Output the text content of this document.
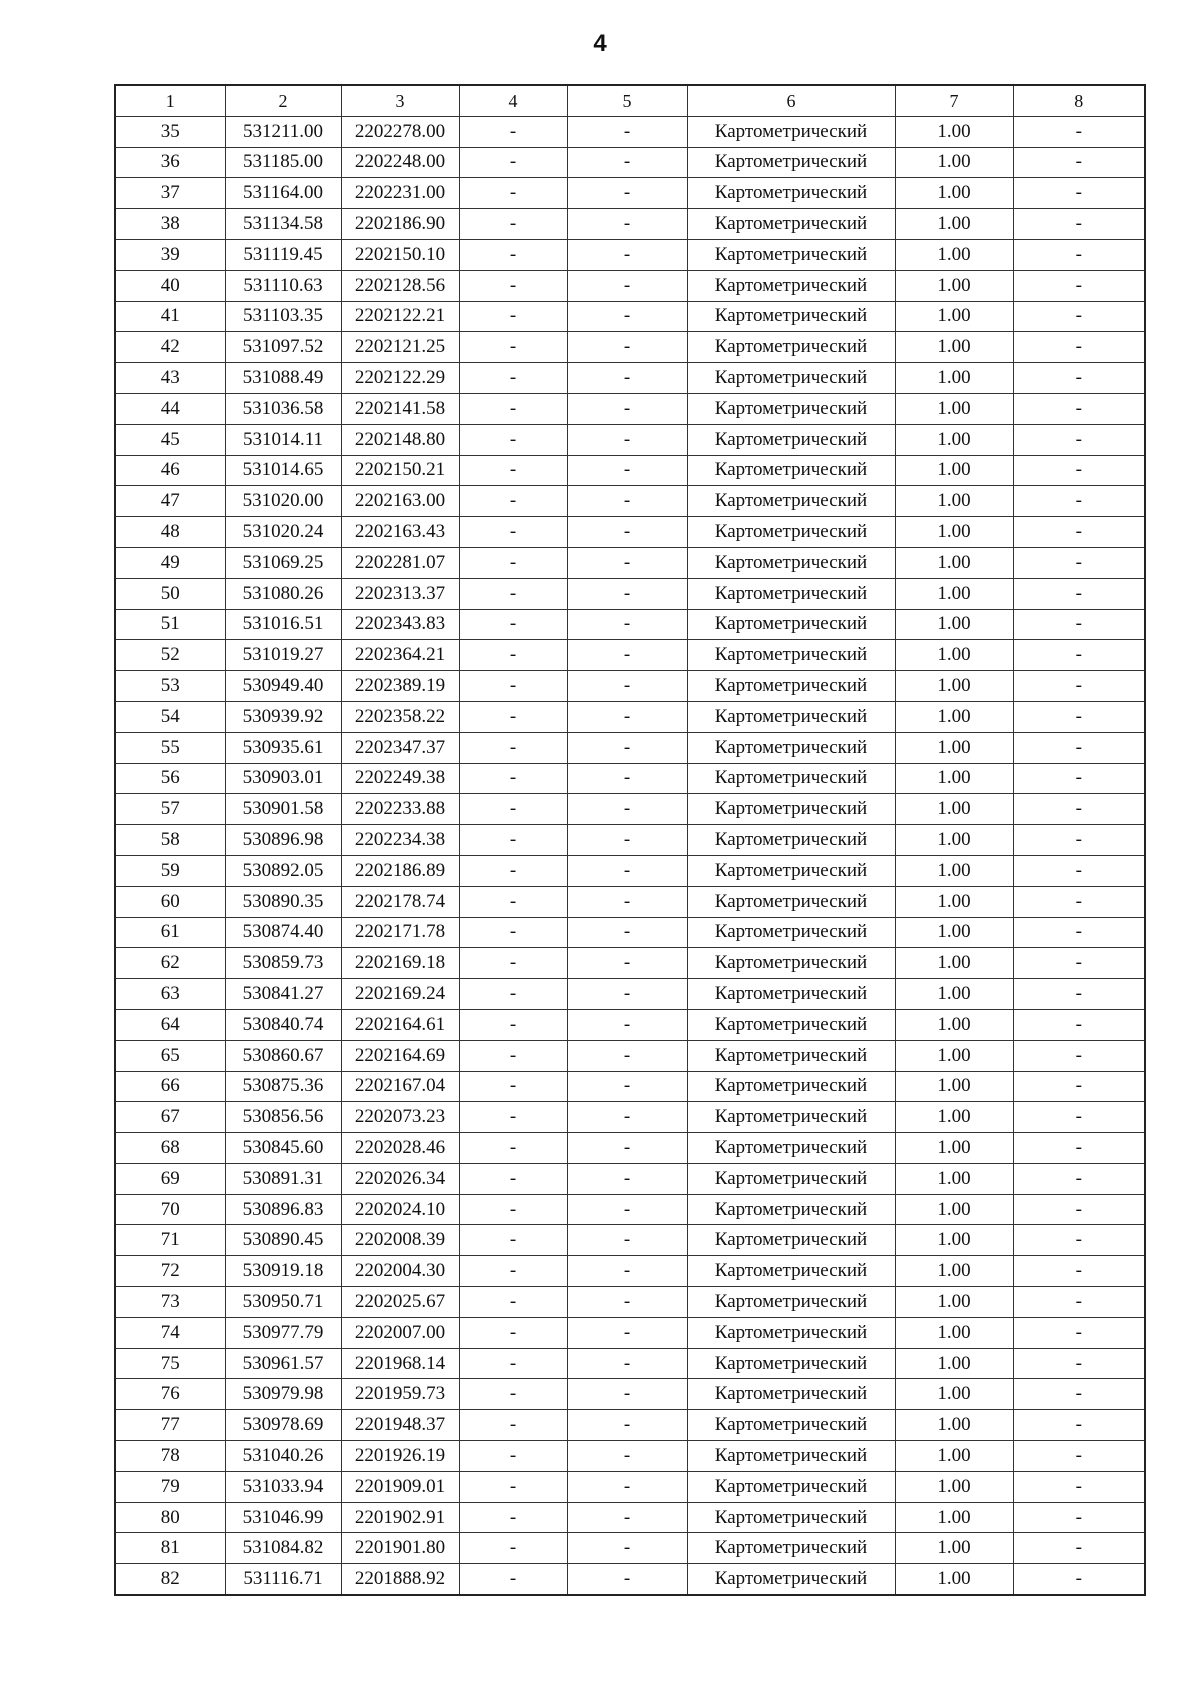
4
1	2	3	4	5	6	7	8
35	531211.00	2202278.00	-	-	Картометрический	1.00	-
36	531185.00	2202248.00	-	-	Картометрический	1.00	-
37	531164.00	2202231.00	-	-	Картометрический	1.00	-
38	531134.58	2202186.90	-	-	Картометрический	1.00	-
39	531119.45	2202150.10	-	-	Картометрический	1.00	-
40	531110.63	2202128.56	-	-	Картометрический	1.00	-
41	531103.35	2202122.21	-	-	Картометрический	1.00	-
42	531097.52	2202121.25	-	-	Картометрический	1.00	-
43	531088.49	2202122.29	-	-	Картометрический	1.00	-
44	531036.58	2202141.58	-	-	Картометрический	1.00	-
45	531014.11	2202148.80	-	-	Картометрический	1.00	-
46	531014.65	2202150.21	-	-	Картометрический	1.00	-
47	531020.00	2202163.00	-	-	Картометрический	1.00	-
48	531020.24	2202163.43	-	-	Картометрический	1.00	-
49	531069.25	2202281.07	-	-	Картометрический	1.00	-
50	531080.26	2202313.37	-	-	Картометрический	1.00	-
51	531016.51	2202343.83	-	-	Картометрический	1.00	-
52	531019.27	2202364.21	-	-	Картометрический	1.00	-
53	530949.40	2202389.19	-	-	Картометрический	1.00	-
54	530939.92	2202358.22	-	-	Картометрический	1.00	-
55	530935.61	2202347.37	-	-	Картометрический	1.00	-
56	530903.01	2202249.38	-	-	Картометрический	1.00	-
57	530901.58	2202233.88	-	-	Картометрический	1.00	-
58	530896.98	2202234.38	-	-	Картометрический	1.00	-
59	530892.05	2202186.89	-	-	Картометрический	1.00	-
60	530890.35	2202178.74	-	-	Картометрический	1.00	-
61	530874.40	2202171.78	-	-	Картометрический	1.00	-
62	530859.73	2202169.18	-	-	Картометрический	1.00	-
63	530841.27	2202169.24	-	-	Картометрический	1.00	-
64	530840.74	2202164.61	-	-	Картометрический	1.00	-
65	530860.67	2202164.69	-	-	Картометрический	1.00	-
66	530875.36	2202167.04	-	-	Картометрический	1.00	-
67	530856.56	2202073.23	-	-	Картометрический	1.00	-
68	530845.60	2202028.46	-	-	Картометрический	1.00	-
69	530891.31	2202026.34	-	-	Картометрический	1.00	-
70	530896.83	2202024.10	-	-	Картометрический	1.00	-
71	530890.45	2202008.39	-	-	Картометрический	1.00	-
72	530919.18	2202004.30	-	-	Картометрический	1.00	-
73	530950.71	2202025.67	-	-	Картометрический	1.00	-
74	530977.79	2202007.00	-	-	Картометрический	1.00	-
75	530961.57	2201968.14	-	-	Картометрический	1.00	-
76	530979.98	2201959.73	-	-	Картометрический	1.00	-
77	530978.69	2201948.37	-	-	Картометрический	1.00	-
78	531040.26	2201926.19	-	-	Картометрический	1.00	-
79	531033.94	2201909.01	-	-	Картометрический	1.00	-
80	531046.99	2201902.91	-	-	Картометрический	1.00	-
81	531084.82	2201901.80	-	-	Картометрический	1.00	-
82	531116.71	2201888.92	-	-	Картометрический	1.00	-
